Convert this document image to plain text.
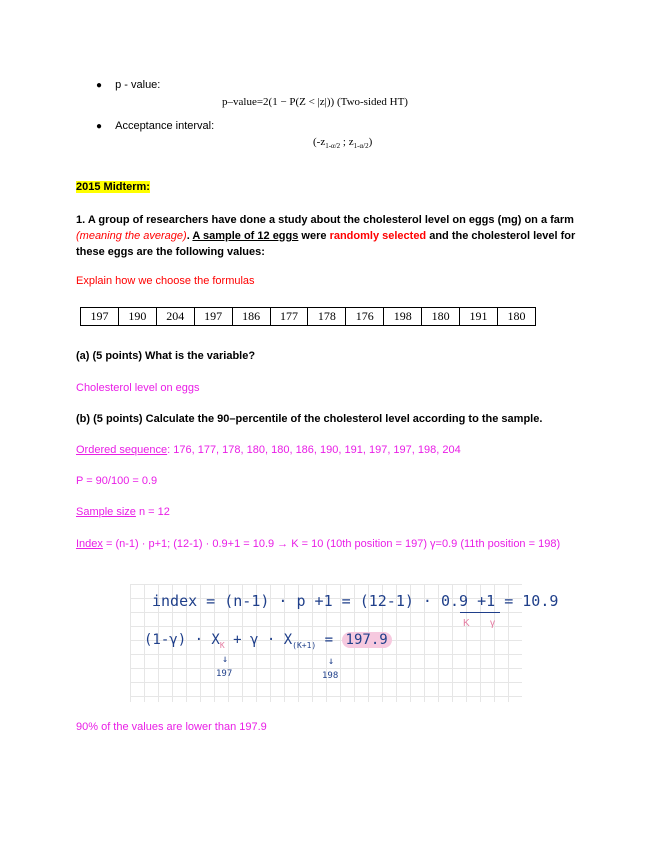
● p - value:
p–value=2(1 − P(Z < |z|)) (Two-sided HT)
● Acceptance interval:
($-z_{1-\alpha/2}$ ; $z_{1-\alpha/2}$)
2015 Midterm:
1. A group of researchers have done a study about the cholesterol level on eggs (mg) on a farm (meaning the average). A sample of 12 eggs were randomly selected and the cholesterol level for these eggs are the following values:
Explain how we choose the formulas
197	190	204	197	186	177	178	176	198	180	191	180
(a) (5 points) What is the variable?
Cholesterol level on eggs
(b) (5 points) Calculate the 90–percentile of the cholesterol level according to the sample.
Ordered sequence: 176, 177, 178, 180, 180, 186, 190, 191, 197, 197, 198, 204
P = 90/100 = 0.9
Sample size n = 12
Index = (n-1) · p+1; (12-1) · 0.9+1 = 10.9 → K = 10 (10th position = 197) γ=0.9 (11th position = 198)
index = (n-1) · p +1 = (12-1) · 0.9 +1 = 10.9
K γ
$(1-\gamma) \cdot X_K + \gamma \cdot X_{(K+1)} = 197.9$
↓
197
↓
198
90% of the values are lower than 197.9
